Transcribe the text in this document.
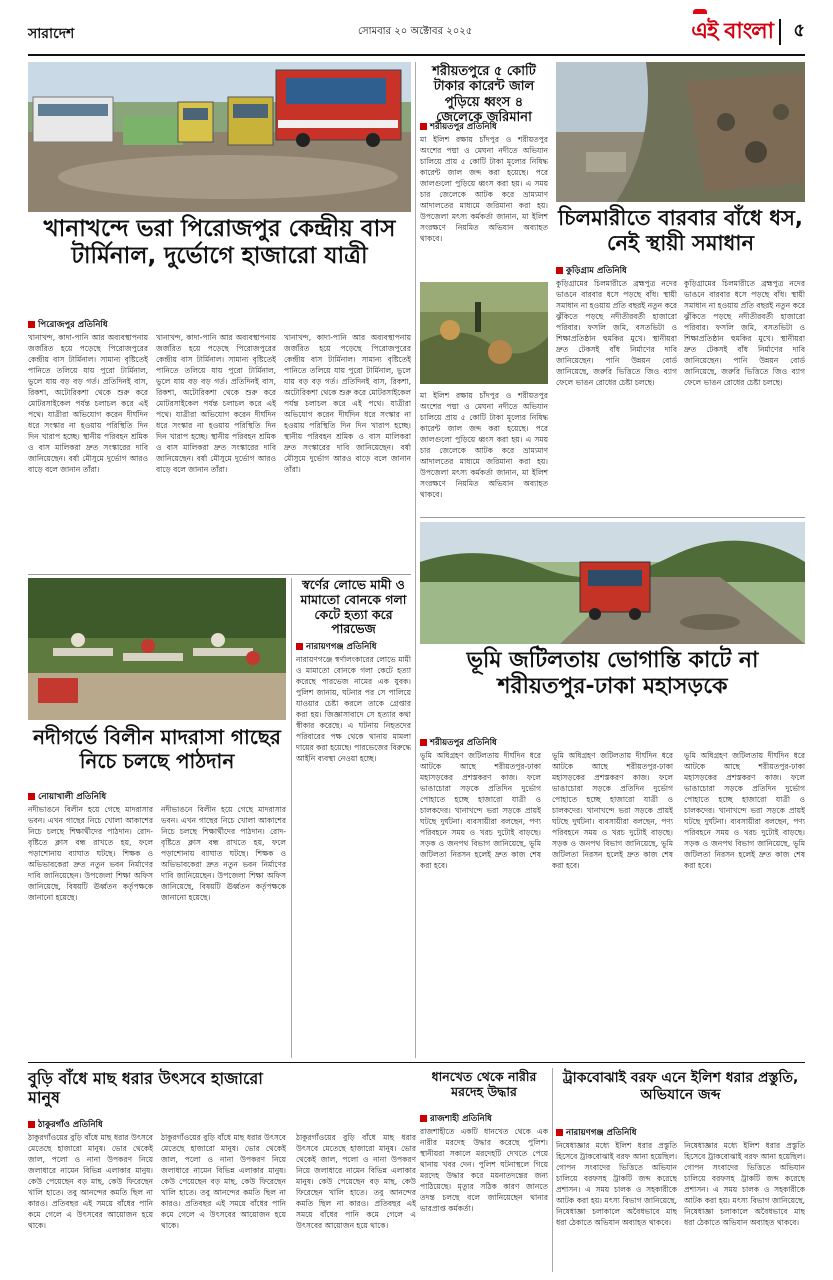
সারাদেশ	সোমবার ২০ অক্টোবর ২০২৫	এই বাংলা ৫
খানাখন্দে ভরা পিরোজপুর কেন্দ্রীয় বাস টার্মিনাল, দুর্ভোগে হাজারো যাত্রী
পিরোজপুর প্রতিনিধি
খানাখন্দ, কাদা-পানি আর অব্যবস্থাপনায় জর্জরিত হয়ে পড়েছে পিরোজপুরের কেন্দ্রীয় বাস টার্মিনাল। সামান্য বৃষ্টিতেই পানিতে তলিয়ে যায় পুরো টার্মিনাল, ভুলে যায় বড় বড় গর্ত। প্রতিদিনই বাস, রিকশা, অটোরিকশা থেকে শুরু করে মোটরসাইকেল পর্যন্ত চলাচল করে এই পথে। যাত্রীরা অভিযোগ করেন দীর্ঘদিন ধরে সংস্কার না হওয়ায় পরিস্থিতি দিন দিন খারাপ হচ্ছে। স্থানীয় পরিবহন শ্রমিক ও বাস মালিকরা দ্রুত সংস্কারের দাবি জানিয়েছেন। বর্ষা মৌসুমে দুর্ভোগ আরও বাড়ে বলে জানান তাঁরা।
খানাখন্দ, কাদা-পানি আর অব্যবস্থাপনায় জর্জরিত হয়ে পড়েছে পিরোজপুরের কেন্দ্রীয় বাস টার্মিনাল। সামান্য বৃষ্টিতেই পানিতে তলিয়ে যায় পুরো টার্মিনাল, ভুলে যায় বড় বড় গর্ত। প্রতিদিনই বাস, রিকশা, অটোরিকশা থেকে শুরু করে মোটরসাইকেল পর্যন্ত চলাচল করে এই পথে। যাত্রীরা অভিযোগ করেন দীর্ঘদিন ধরে সংস্কার না হওয়ায় পরিস্থিতি দিন দিন খারাপ হচ্ছে। স্থানীয় পরিবহন শ্রমিক ও বাস মালিকরা দ্রুত সংস্কারের দাবি জানিয়েছেন। বর্ষা মৌসুমে দুর্ভোগ আরও বাড়ে বলে জানান তাঁরা।
খানাখন্দ, কাদা-পানি আর অব্যবস্থাপনায় জর্জরিত হয়ে পড়েছে পিরোজপুরের কেন্দ্রীয় বাস টার্মিনাল। সামান্য বৃষ্টিতেই পানিতে তলিয়ে যায় পুরো টার্মিনাল, ভুলে যায় বড় বড় গর্ত। প্রতিদিনই বাস, রিকশা, অটোরিকশা থেকে শুরু করে মোটরসাইকেল পর্যন্ত চলাচল করে এই পথে। যাত্রীরা অভিযোগ করেন দীর্ঘদিন ধরে সংস্কার না হওয়ায় পরিস্থিতি দিন দিন খারাপ হচ্ছে। স্থানীয় পরিবহন শ্রমিক ও বাস মালিকরা দ্রুত সংস্কারের দাবি জানিয়েছেন। বর্ষা মৌসুমে দুর্ভোগ আরও বাড়ে বলে জানান তাঁরা।
শরীয়তপুরে ৫ কোটি টাকার কারেন্ট জাল পুড়িয়ে ধ্বংস ৪ জেলেকে জরিমানা
শরীয়তপুর প্রতিনিধি
মা ইলিশ রক্ষায় চাঁদপুর ও শরীয়তপুর অংশের পদ্মা ও মেঘনা নদীতে অভিযান চালিয়ে প্রায় ৫ কোটি টাকা মূল্যের নিষিদ্ধ কারেন্ট জাল জব্দ করা হয়েছে। পরে জালগুলো পুড়িয়ে ধ্বংস করা হয়। এ সময় চার জেলেকে আটক করে ভ্রাম্যমাণ আদালতের মাধ্যমে জরিমানা করা হয়। উপজেলা মৎস্য কর্মকর্তা জানান, মা ইলিশ সংরক্ষণে নিয়মিত অভিযান অব্যাহত থাকবে।
মা ইলিশ রক্ষায় চাঁদপুর ও শরীয়তপুর অংশের পদ্মা ও মেঘনা নদীতে অভিযান চালিয়ে প্রায় ৫ কোটি টাকা মূল্যের নিষিদ্ধ কারেন্ট জাল জব্দ করা হয়েছে। পরে জালগুলো পুড়িয়ে ধ্বংস করা হয়। এ সময় চার জেলেকে আটক করে ভ্রাম্যমাণ আদালতের মাধ্যমে জরিমানা করা হয়। উপজেলা মৎস্য কর্মকর্তা জানান, মা ইলিশ সংরক্ষণে নিয়মিত অভিযান অব্যাহত থাকবে।
চিলমারীতে বারবার বাঁধে ধস, নেই স্থায়ী সমাধান
কুড়িগ্রাম প্রতিনিধি
কুড়িগ্রামের চিলমারীতে ব্রহ্মপুত্র নদের ভাঙনে বারবার ধসে পড়ছে বাঁধ। স্থায়ী সমাধান না হওয়ায় প্রতি বছরই নতুন করে ঝুঁকিতে পড়ছে নদীতীরবর্তী হাজারো পরিবার। ফসলি জমি, বসতভিটা ও শিক্ষাপ্রতিষ্ঠান হুমকির মুখে। স্থানীয়রা দ্রুত টেকসই বাঁধ নির্মাণের দাবি জানিয়েছেন। পানি উন্নয়ন বোর্ড জানিয়েছে, জরুরি ভিত্তিতে জিও ব্যাগ ফেলে ভাঙন রোধের চেষ্টা চলছে।
কুড়িগ্রামের চিলমারীতে ব্রহ্মপুত্র নদের ভাঙনে বারবার ধসে পড়ছে বাঁধ। স্থায়ী সমাধান না হওয়ায় প্রতি বছরই নতুন করে ঝুঁকিতে পড়ছে নদীতীরবর্তী হাজারো পরিবার। ফসলি জমি, বসতভিটা ও শিক্ষাপ্রতিষ্ঠান হুমকির মুখে। স্থানীয়রা দ্রুত টেকসই বাঁধ নির্মাণের দাবি জানিয়েছেন। পানি উন্নয়ন বোর্ড জানিয়েছে, জরুরি ভিত্তিতে জিও ব্যাগ ফেলে ভাঙন রোধের চেষ্টা চলছে।
স্বর্ণের লোভে মামী ও মামাতো বোনকে গলা কেটে হত্যা করে পারভেজ
নারায়ণগঞ্জ প্রতিনিধি
নারায়ণগঞ্জে স্বর্ণালংকারের লোভে মামী ও মামাতো বোনকে গলা কেটে হত্যা করেছে পারভেজ নামের এক যুবক। পুলিশ জানায়, ঘটনার পর সে পালিয়ে যাওয়ার চেষ্টা করলে তাকে গ্রেপ্তার করা হয়। জিজ্ঞাসাবাদে সে হত্যার কথা স্বীকার করেছে। এ ঘটনায় নিহতদের পরিবারের পক্ষ থেকে থানায় মামলা দায়ের করা হয়েছে। পারভেজের বিরুদ্ধে আইনি ব্যবস্থা নেওয়া হচ্ছে।
নদীগর্ভে বিলীন মাদরাসা গাছের নিচে চলছে পাঠদান
নোয়াখালী প্রতিনিধি
নদীভাঙনে বিলীন হয়ে গেছে মাদরাসার ভবন। এখন গাছের নিচে খোলা আকাশের নিচে চলছে শিক্ষার্থীদের পাঠদান। রোদ-বৃষ্টিতে ক্লাস বন্ধ রাখতে হয়, ফলে পড়াশোনায় ব্যাঘাত ঘটছে। শিক্ষক ও অভিভাবকেরা দ্রুত নতুন ভবন নির্মাণের দাবি জানিয়েছেন। উপজেলা শিক্ষা অফিস জানিয়েছে, বিষয়টি ঊর্ধ্বতন কর্তৃপক্ষকে জানানো হয়েছে।
নদীভাঙনে বিলীন হয়ে গেছে মাদরাসার ভবন। এখন গাছের নিচে খোলা আকাশের নিচে চলছে শিক্ষার্থীদের পাঠদান। রোদ-বৃষ্টিতে ক্লাস বন্ধ রাখতে হয়, ফলে পড়াশোনায় ব্যাঘাত ঘটছে। শিক্ষক ও অভিভাবকেরা দ্রুত নতুন ভবন নির্মাণের দাবি জানিয়েছেন। উপজেলা শিক্ষা অফিস জানিয়েছে, বিষয়টি ঊর্ধ্বতন কর্তৃপক্ষকে জানানো হয়েছে।
ভূমি জটিলতায় ভোগান্তি কাটে না শরীয়তপুর-ঢাকা মহাসড়কে
শরীয়তপুর প্রতিনিধি
ভূমি অধিগ্রহণ জটিলতায় দীর্ঘদিন ধরে আটকে আছে শরীয়তপুর-ঢাকা মহাসড়কের প্রশস্তকরণ কাজ। ফলে ভাঙাচোরা সড়কে প্রতিদিন দুর্ভোগ পোহাতে হচ্ছে হাজারো যাত্রী ও চালকদের। খানাখন্দে ভরা সড়কে প্রায়ই ঘটছে দুর্ঘটনা। ব্যবসায়ীরা বলছেন, পণ্য পরিবহনে সময় ও খরচ দুটোই বাড়ছে। সড়ক ও জনপথ বিভাগ জানিয়েছে, ভূমি জটিলতা নিরসন হলেই দ্রুত কাজ শেষ করা হবে।
ভূমি অধিগ্রহণ জটিলতায় দীর্ঘদিন ধরে আটকে আছে শরীয়তপুর-ঢাকা মহাসড়কের প্রশস্তকরণ কাজ। ফলে ভাঙাচোরা সড়কে প্রতিদিন দুর্ভোগ পোহাতে হচ্ছে হাজারো যাত্রী ও চালকদের। খানাখন্দে ভরা সড়কে প্রায়ই ঘটছে দুর্ঘটনা। ব্যবসায়ীরা বলছেন, পণ্য পরিবহনে সময় ও খরচ দুটোই বাড়ছে। সড়ক ও জনপথ বিভাগ জানিয়েছে, ভূমি জটিলতা নিরসন হলেই দ্রুত কাজ শেষ করা হবে।
ভূমি অধিগ্রহণ জটিলতায় দীর্ঘদিন ধরে আটকে আছে শরীয়তপুর-ঢাকা মহাসড়কের প্রশস্তকরণ কাজ। ফলে ভাঙাচোরা সড়কে প্রতিদিন দুর্ভোগ পোহাতে হচ্ছে হাজারো যাত্রী ও চালকদের। খানাখন্দে ভরা সড়কে প্রায়ই ঘটছে দুর্ঘটনা। ব্যবসায়ীরা বলছেন, পণ্য পরিবহনে সময় ও খরচ দুটোই বাড়ছে। সড়ক ও জনপথ বিভাগ জানিয়েছে, ভূমি জটিলতা নিরসন হলেই দ্রুত কাজ শেষ করা হবে।
বুড়ি বাঁধে মাছ ধরার উৎসবে হাজারো মানুষ
ঠাকুরগাঁও প্রতিনিধি
ঠাকুরগাঁওয়ের বুড়ি বাঁধে মাছ ধরার উৎসবে মেতেছে হাজারো মানুষ। ভোর থেকেই জাল, পলো ও নানা উপকরণ নিয়ে জলাধারে নামেন বিভিন্ন এলাকার মানুষ। কেউ পেয়েছেন বড় মাছ, কেউ ফিরেছেন খালি হাতে। তবু আনন্দের কমতি ছিল না কারও। প্রতিবছর এই সময়ে বাঁধের পানি কমে গেলে এ উৎসবের আয়োজন হয়ে থাকে।
ঠাকুরগাঁওয়ের বুড়ি বাঁধে মাছ ধরার উৎসবে মেতেছে হাজারো মানুষ। ভোর থেকেই জাল, পলো ও নানা উপকরণ নিয়ে জলাধারে নামেন বিভিন্ন এলাকার মানুষ। কেউ পেয়েছেন বড় মাছ, কেউ ফিরেছেন খালি হাতে। তবু আনন্দের কমতি ছিল না কারও। প্রতিবছর এই সময়ে বাঁধের পানি কমে গেলে এ উৎসবের আয়োজন হয়ে থাকে।
ঠাকুরগাঁওয়ের বুড়ি বাঁধে মাছ ধরার উৎসবে মেতেছে হাজারো মানুষ। ভোর থেকেই জাল, পলো ও নানা উপকরণ নিয়ে জলাধারে নামেন বিভিন্ন এলাকার মানুষ। কেউ পেয়েছেন বড় মাছ, কেউ ফিরেছেন খালি হাতে। তবু আনন্দের কমতি ছিল না কারও। প্রতিবছর এই সময়ে বাঁধের পানি কমে গেলে এ উৎসবের আয়োজন হয়ে থাকে।
ধানখেত থেকে নারীর মরদেহ উদ্ধার
রাজশাহী প্রতিনিধি
রাজশাহীতে একটি ধানখেত থেকে এক নারীর মরদেহ উদ্ধার করেছে পুলিশ। স্থানীয়রা সকালে মরদেহটি দেখতে পেয়ে থানায় খবর দেন। পুলিশ ঘটনাস্থলে গিয়ে মরদেহ উদ্ধার করে ময়নাতদন্তের জন্য পাঠিয়েছে। মৃত্যুর সঠিক কারণ জানতে তদন্ত চলছে বলে জানিয়েছেন থানার ভারপ্রাপ্ত কর্মকর্তা।
ট্রাকবোঝাই বরফ এনে ইলিশ ধরার প্রস্তুতি, অভিযানে জব্দ
নারায়ণগঞ্জ প্রতিনিধি
নিষেধাজ্ঞার মধ্যে ইলিশ ধরার প্রস্তুতি হিসেবে ট্রাকবোঝাই বরফ আনা হয়েছিল। গোপন সংবাদের ভিত্তিতে অভিযান চালিয়ে বরফসহ ট্রাকটি জব্দ করেছে প্রশাসন। এ সময় চালক ও সহকারীকে আটক করা হয়। মৎস্য বিভাগ জানিয়েছে, নিষেধাজ্ঞা চলাকালে অবৈধভাবে মাছ ধরা ঠেকাতে অভিযান অব্যাহত থাকবে।
নিষেধাজ্ঞার মধ্যে ইলিশ ধরার প্রস্তুতি হিসেবে ট্রাকবোঝাই বরফ আনা হয়েছিল। গোপন সংবাদের ভিত্তিতে অভিযান চালিয়ে বরফসহ ট্রাকটি জব্দ করেছে প্রশাসন। এ সময় চালক ও সহকারীকে আটক করা হয়। মৎস্য বিভাগ জানিয়েছে, নিষেধাজ্ঞা চলাকালে অবৈধভাবে মাছ ধরা ঠেকাতে অভিযান অব্যাহত থাকবে।
